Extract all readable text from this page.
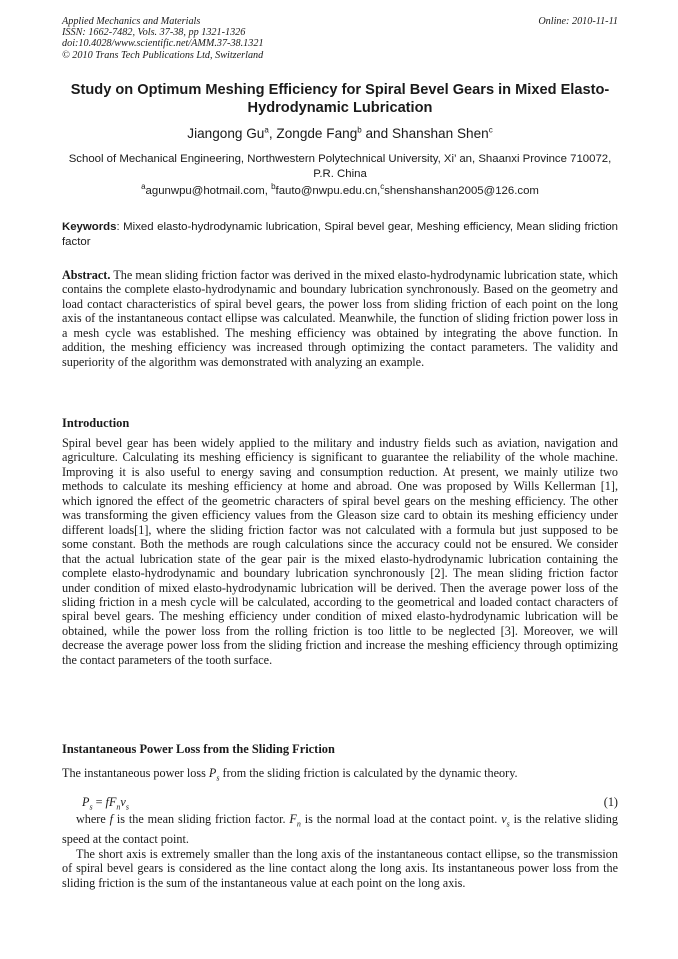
Applied Mechanics and Materials
ISSN: 1662-7482, Vols. 37-38, pp 1321-1326
doi:10.4028/www.scientific.net/AMM.37-38.1321
© 2010 Trans Tech Publications Ltd, Switzerland
Online: 2010-11-11
Study on Optimum Meshing Efficiency for Spiral Bevel Gears in Mixed Elasto-Hydrodynamic Lubrication
Jiangong Gu$^a$, Zongde Fang$^b$ and Shanshan Shen$^c$
School of Mechanical Engineering, Northwestern Polytechnical University, Xi’ an, Shaanxi Province 710072, P.R. China
$^a$agunwpu@hotmail.com, $^b$fauto@nwpu.edu.cn,$^c$shenshanshan2005@126.com
Keywords: Mixed elasto-hydrodynamic lubrication, Spiral bevel gear, Meshing efficiency, Mean sliding friction factor
Abstract. The mean sliding friction factor was derived in the mixed elasto-hydrodynamic lubrication state, which contains the complete elasto-hydrodynamic and boundary lubrication synchronously. Based on the geometry and load contact characteristics of spiral bevel gears, the power loss from sliding friction of each point on the long axis of the instantaneous contact ellipse was calculated. Meanwhile, the function of sliding friction power loss in a mesh cycle was established. The meshing efficiency was obtained by integrating the above function. In addition, the meshing efficiency was increased through optimizing the contact parameters. The validity and superiority of the algorithm was demonstrated with analyzing an example.
Introduction
Spiral bevel gear has been widely applied to the military and industry fields such as aviation, navigation and agriculture. Calculating its meshing efficiency is significant to guarantee the reliability of the whole machine. Improving it is also useful to energy saving and consumption reduction. At present, we mainly utilize two methods to calculate its meshing efficiency at home and abroad. One was proposed by Wills Kellerman [1], which ignored the effect of the geometric characters of spiral bevel gears on the meshing efficiency. The other was transforming the given efficiency values from the Gleason size card to obtain its meshing efficiency under different loads[1], where the sliding friction factor was not calculated with a formula but just supposed to be some constant. Both the methods are rough calculations since the accuracy could not be ensured. We consider that the actual lubrication state of the gear pair is the mixed elasto-hydrodynamic lubrication containing the complete elasto-hydrodynamic and boundary lubrication synchronously [2]. The mean sliding friction factor under condition of mixed elasto-hydrodynamic lubrication will be derived. Then the average power loss of the sliding friction in a mesh cycle will be calculated, according to the geometrical and loaded contact characters of spiral bevel gears. The meshing efficiency under condition of mixed elasto-hydrodynamic lubrication will be obtained, while the power loss from the rolling friction is too little to be neglected [3]. Moreover, we will decrease the average power loss from the sliding friction and increase the meshing efficiency through optimizing the contact parameters of the tooth surface.
Instantaneous Power Loss from the Sliding Friction
The instantaneous power loss $P_s$ from the sliding friction is calculated by the dynamic theory.
$P_s = fF_nv_s$	(1)
where f is the mean sliding friction factor. $F_n$ is the normal load at the contact point. $v_s$ is the relative sliding speed at the contact point.
The short axis is extremely smaller than the long axis of the instantaneous contact ellipse, so the transmission of spiral bevel gears is considered as the line contact along the long axis. Its instantaneous power loss from the sliding friction is the sum of the instantaneous value at each point on the long axis.
